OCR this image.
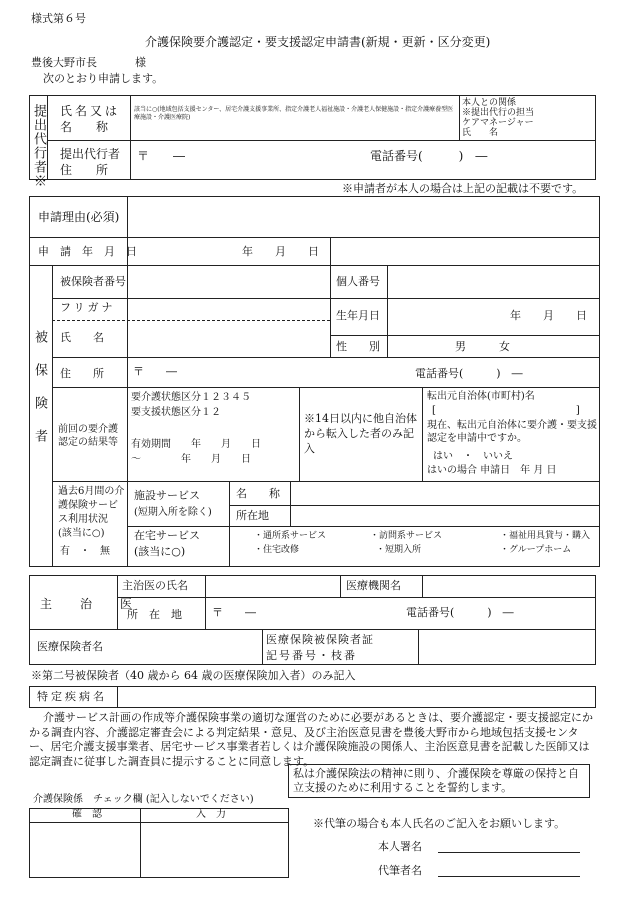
様式第６号
介護保険要介護認定・要支援認定申請書(新規・更新・区分変更)
豊後大野市長	様
次のとおり申請します。
提出代行者※ 氏名又は
名　　称
該当に○(地域包括支援センター、居宅介護支援事業所、指定介護老人福祉施設・介護老人保健施設・指定介護療養型医療施設・介護医療院)
本人との関係
※提出代行の担当
ケアマネージャー
氏　　名
提出代行者
住　　所
〒　　―	電話番号(　　　)　―
※申請者が本人の場合は上記の記載は不要です。
申請理由(必須)
申　請　年　月　日	年　　月　　日
被保険者
被保険者番号	個人番号
フリガナ
氏　　名
生年月日	年　　月　　日
性　　別	男　　　女
住　　所	〒　　―	電話番号(　　　)　―
前回の要介護
認定の結果等
要介護状態区分１２３４５
要支援状態区分１２
有効期間　　年　　月　　日
〜　　　　年　　月　　日
※14日以内に他自治体から転入した者のみ記入
転出元自治体(市町村)名
[　　　　　　　　　　　　　　]
現在、転出元自治体に要介護・要支援認定を申請中ですか。
はい　・　いいえ
はいの場合 申請日　年 月 日
過去6月間の介
護保険サービ
ス利用状況
(該当に○)
有　・　無
施設サービス
(短期入所を除く)
名　　称
所在地
在宅サービス
(該当に○)
・通所系サービス	・訪問系サービス	・福祉用具貸与・購入
・住宅改修	・短期入所	・グループホーム
主　治　医
主治医の氏名	医療機関名
所　在　地	〒　　―	電話番号(　　　)　―
医療保険者名
医療保険被保険者証
記号番号・枝番
※第二号被保険者（40 歳から 64 歳の医療保険加入者）のみ記入
特定疾病名
介護サービス計画の作成等介護保険事業の適切な運営のために必要があるときは、要介護認定・要支援認定にかかる調査内容、介護認定審査会による判定結果・意見、及び主治医意見書を豊後大野市から地域包括支援センター、居宅介護支援事業者、居宅サービス事業者若しくは介護保険施設の関係人、主治医意見書を記載した医師又は認定調査に従事した調査員に提示することに同意します。
私は介護保険法の精神に則り、介護保険を尊厳の保持と自立支援のために利用することを誓約します。
介護保険係　チェック欄 (記入しないでください)
確　認	入　力
※代筆の場合も本人氏名のご記入をお願いします。
本人署名
代筆者名
